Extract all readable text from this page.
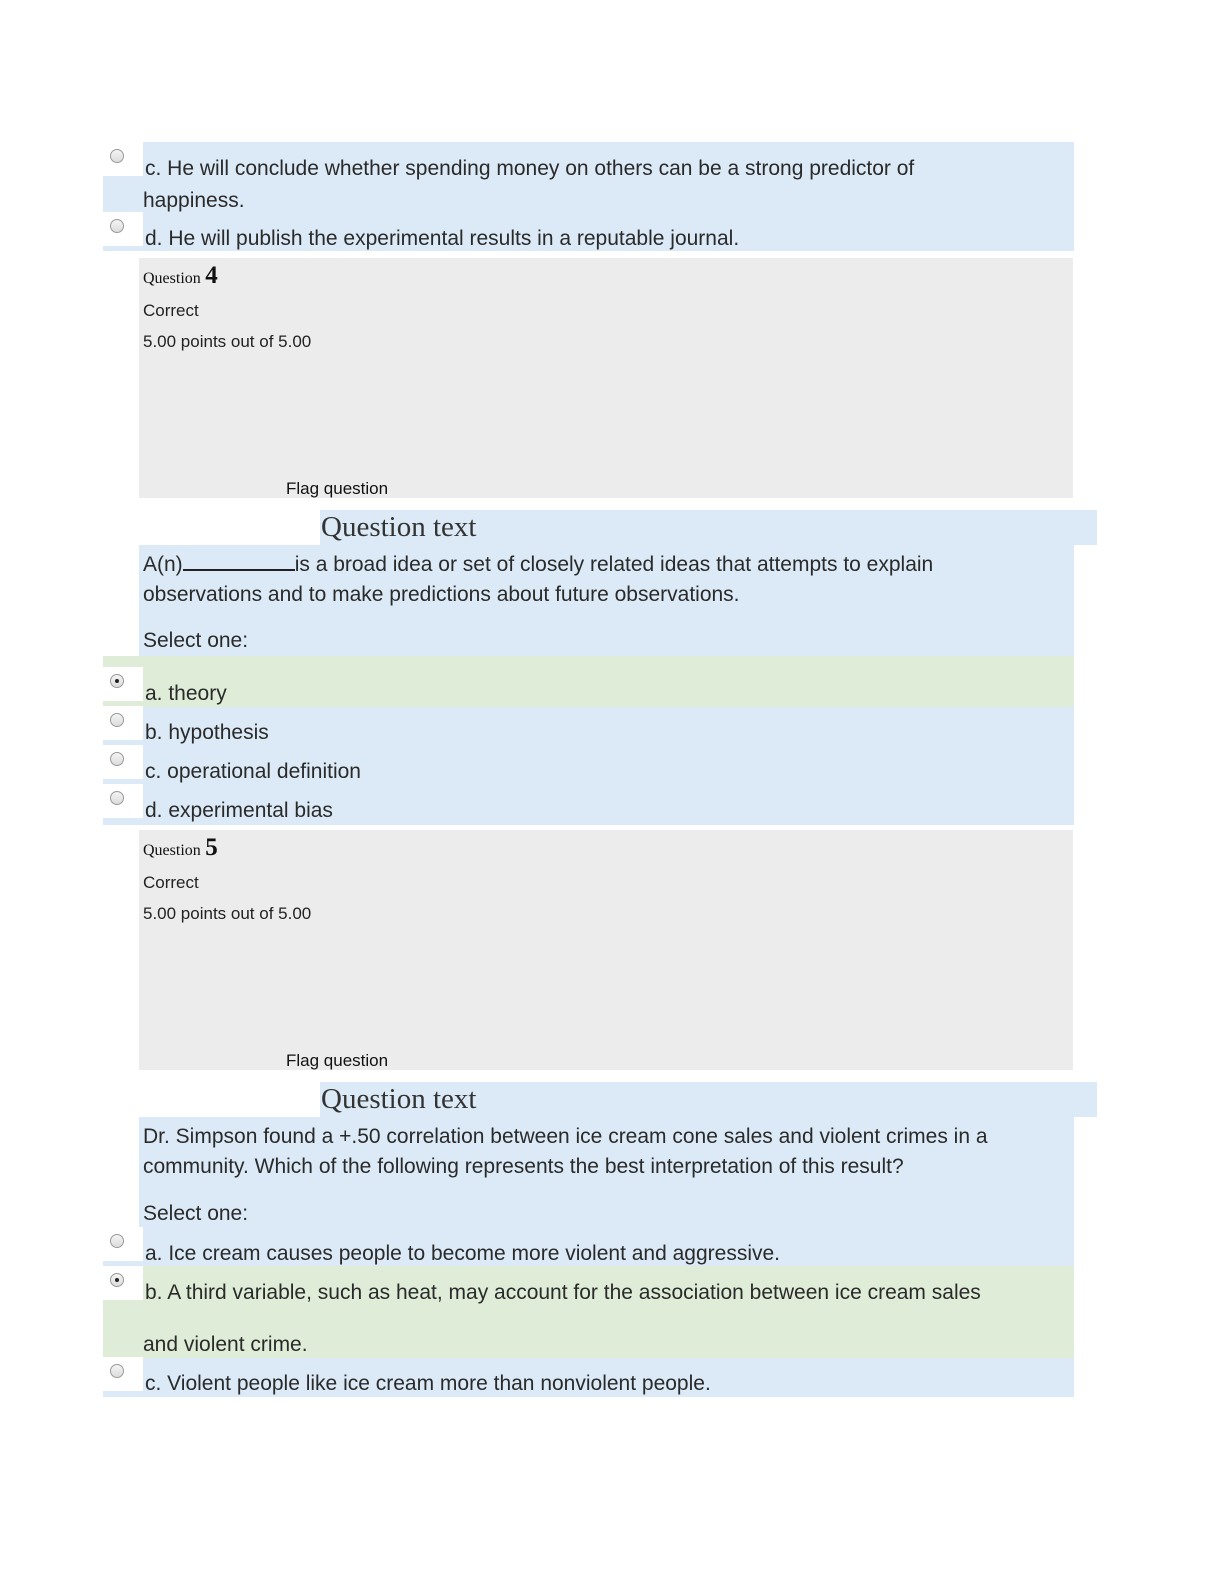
c. He will conclude whether spending money on others can be a strong predictor of
happiness.
d. He will publish the experimental results in a reputable journal.
Question 4
Correct
5.00 points out of 5.00
Flag question
Question text
A(n)	is a broad idea or set of closely related ideas that attempts to explain
observations and to make predictions about future observations.
Select one:
a. theory
b. hypothesis
c. operational definition
d. experimental bias
Question 5
Correct
5.00 points out of 5.00
Flag question
Question text
Dr. Simpson found a +.50 correlation between ice cream cone sales and violent crimes in a
community. Which of the following represents the best interpretation of this result?
Select one:
a. Ice cream causes people to become more violent and aggressive.
b. A third variable, such as heat, may account for the association between ice cream sales
and violent crime.
c. Violent people like ice cream more than nonviolent people.
